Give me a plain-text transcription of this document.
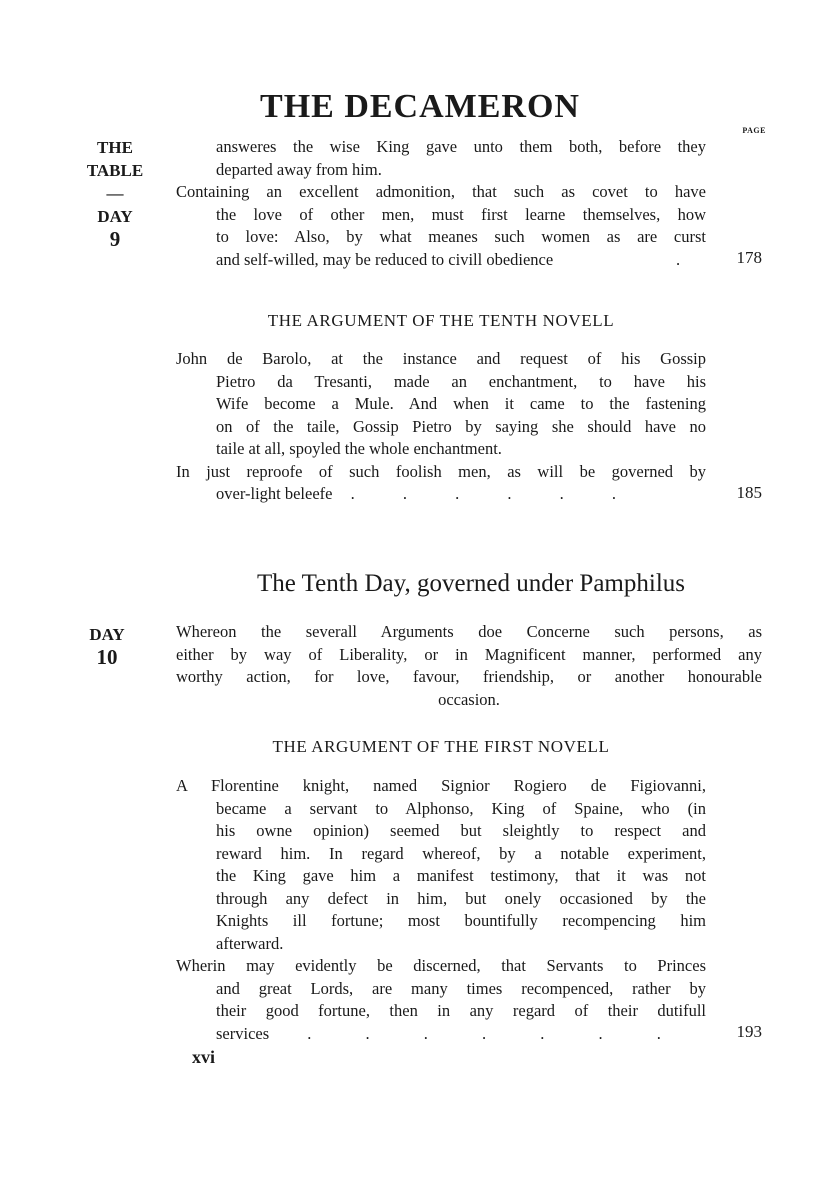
THE DECAMERON
PAGE
THE
TABLE
—
DAY
9
answeres the wise King gave unto them both, before they
departed away from him.
Containing an excellent admonition, that such as covet to have
the love of other men, must first learne themselves, how
to love: Also, by what meanes such women as are curst
and self-willed, may be reduced to civill obedience	.	178
THE ARGUMENT OF THE TENTH NOVELL
John de Barolo, at the instance and request of his Gossip
Pietro da Tresanti, made an enchantment, to have his
Wife become a Mule. And when it came to the fastening
on of the taile, Gossip Pietro by saying she should have no
taile at all, spoyled the whole enchantment.
In just reproofe of such foolish men, as will be governed by
over-light beleefe . . . . . .	185
The Tenth Day, governed under Pamphilus
DAY
10
Whereon the severall Arguments doe Concerne such persons, as
either by way of Liberality, or in Magnificent manner, performed any
worthy action, for love, favour, friendship, or another honourable
occasion.
THE ARGUMENT OF THE FIRST NOVELL
A Florentine knight, named Signior Rogiero de Figiovanni,
became a servant to Alphonso, King of Spaine, who (in
his owne opinion) seemed but sleightly to respect and
reward him. In regard whereof, by a notable experiment,
the King gave him a manifest testimony, that it was not
through any defect in him, but onely occasioned by the
Knights ill fortune; most bountifully recompencing him
afterward.
Wherin may evidently be discerned, that Servants to Princes
and great Lords, are many times recompenced, rather by
their good fortune, then in any regard of their dutifull
services . . . . . . .	193
xvi
